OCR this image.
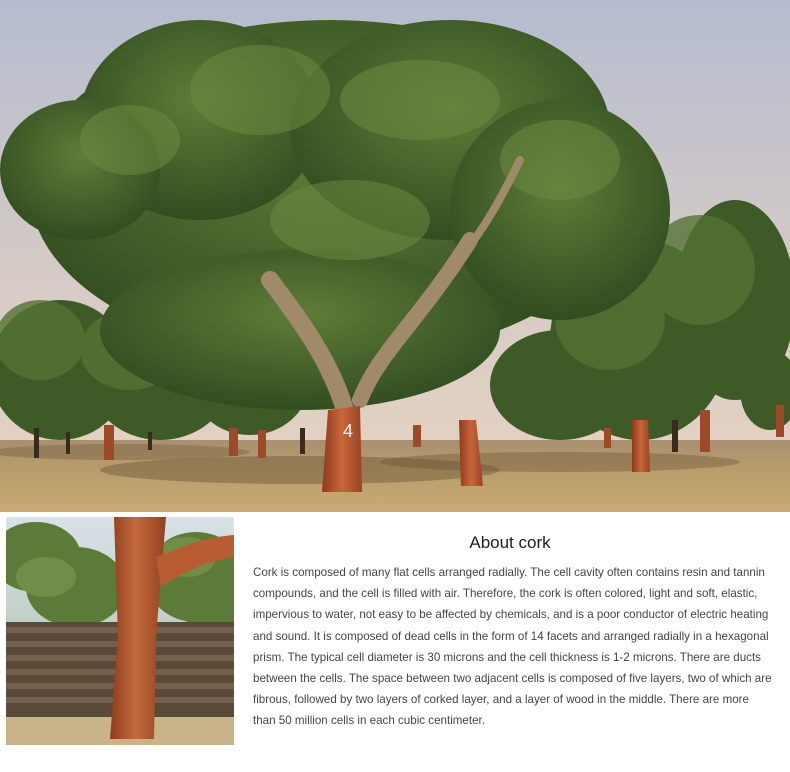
4
About cork

Cork is composed of many flat cells arranged radially. The cell cavity often contains resin and tannin compounds, and the cell is filled with air. Therefore, the cork is often colored, light and soft, elastic, impervious to water, not easy to be affected by chemicals, and is a poor conductor of electric heating and sound. It is composed of dead cells in the form of 14 facets and arranged radially in a hexagonal prism. The typical cell diameter is 30 microns and the cell thickness is 1-2 microns. There are ducts between the cells. The space between two adjacent cells is composed of five layers, two of which are fibrous, followed by two layers of corked layer, and a layer of wood in the middle. There are more than 50 million cells in each cubic centimeter.
